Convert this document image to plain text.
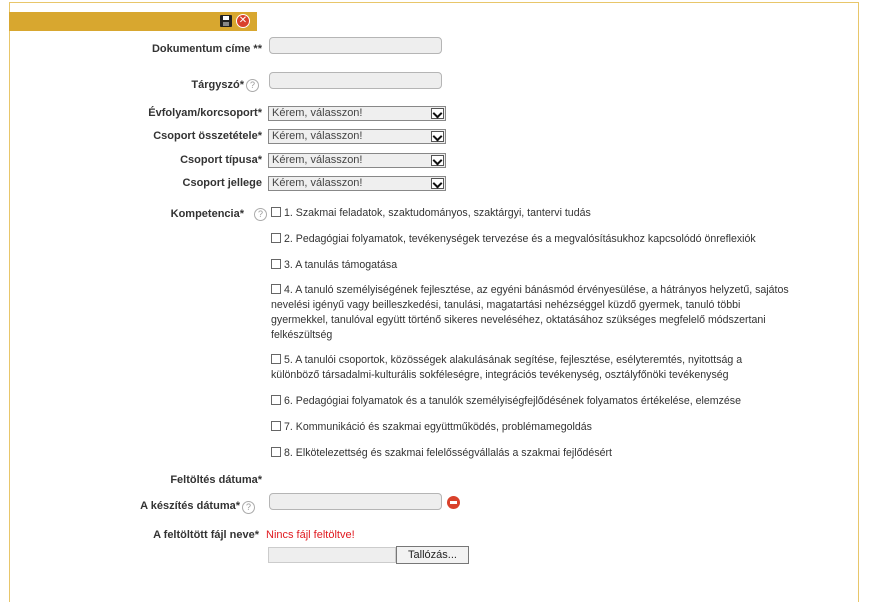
✕
Dokumentum címe **
Tárgyszó* ?
Évfolyam/korcsoport* Kérem, válasszon!
Csoport összetétele* Kérem, válasszon!
Csoport típusa* Kérem, válasszon!
Csoport jellege Kérem, válasszon!
Kompetencia*	?	1. Szakmai feladatok, szaktudományos, szaktárgyi, tantervi tudás
2. Pedagógiai folyamatok, tevékenységek tervezése és a megvalósításukhoz kapcsolódó önreflexiók
3. A tanulás támogatása
4. A tanuló személyiségének fejlesztése, az egyéni bánásmód érvényesülése, a hátrányos helyzetű, sajátos nevelési igényű vagy beilleszkedési, tanulási, magatartási nehézséggel küzdő gyermek, tanuló többi gyermekkel, tanulóval együtt történő sikeres neveléséhez, oktatásához szükséges megfelelő módszertani felkészültség
5. A tanulói csoportok, közösségek alakulásának segítése, fejlesztése, esélyteremtés, nyitottság a különböző társadalmi-kulturális sokféleségre, integrációs tevékenység, osztályfőnöki tevékenység
6. Pedagógiai folyamatok és a tanulók személyiségfejlődésének folyamatos értékelése, elemzése
7. Kommunikáció és szakmai együttműködés, problémamegoldás
8. Elkötelezettség és szakmai felelősségvállalás a szakmai fejlődésért
Feltöltés dátuma*
A készítés dátuma* ?
A feltöltött fájl neve* Nincs fájl feltöltve!
Tallózás...
